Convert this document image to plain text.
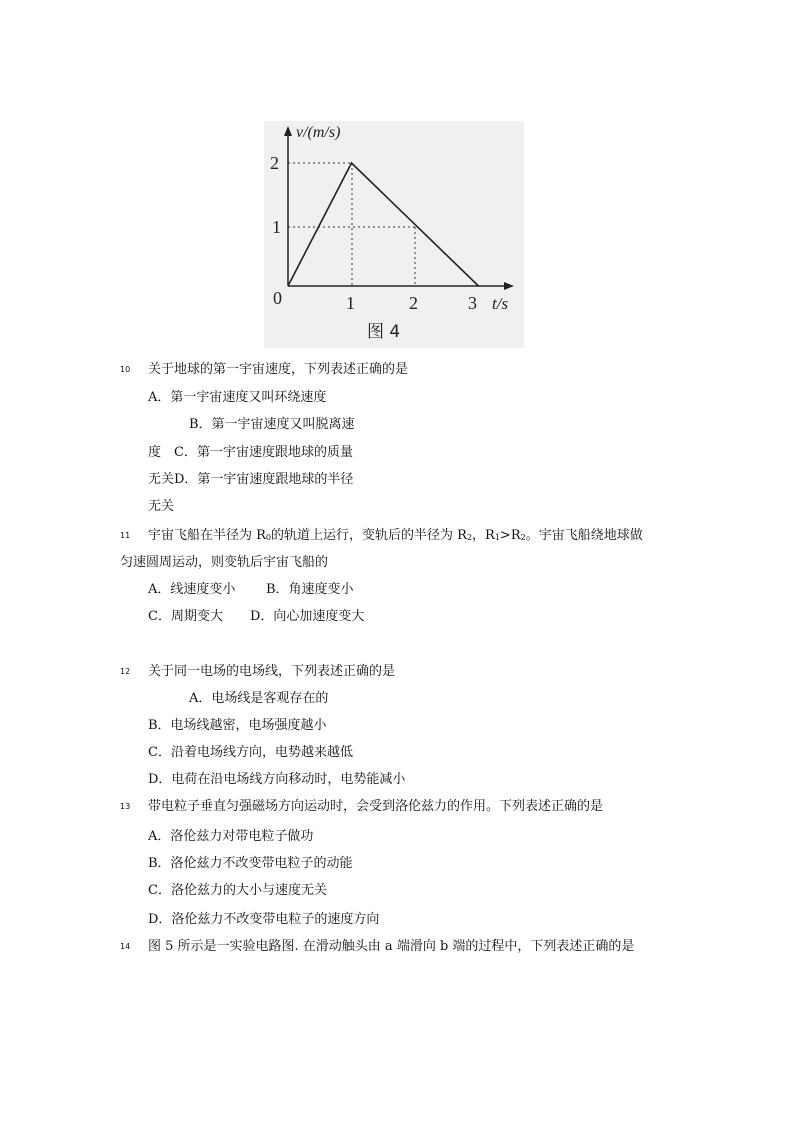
v/(m/s)
2
1
0	1	2	3 t/s
图 4
10 关于地球的第一宇宙速度，下列表述正确的是
A．第一宇宙速度又叫环绕速度
B．第一宇宙速度又叫脱离速
度　C．第一宇宙速度跟地球的质量
无关D．第一宇宙速度跟地球的半径
无关
11 宇宙飞船在半径为 R0的轨道上运行，变轨后的半径为 R2，R1>R2。宇宙飞船绕地球做
匀速圆周运动，则变轨后宇宙飞船的
A．线速度变小 B．角速度变小
C．周期变大 D．向心加速度变大
12 关于同一电场的电场线，下列表述正确的是
A．电场线是客观存在的
B．电场线越密，电场强度越小
C．沿着电场线方向，电势越来越低
D．电荷在沿电场线方向移动时，电势能减小
13 带电粒子垂直匀强磁场方向运动时，会受到洛伦兹力的作用。下列表述正确的是
A．洛伦兹力对带电粒子做功
B．洛伦兹力不改变带电粒子的动能
C．洛伦兹力的大小与速度无关
D．洛伦兹力不改变带电粒子的速度方向
14 图 5 所示是一实验电路图. 在滑动触头由 a 端滑向 b 端的过程中，下列表述正确的是
